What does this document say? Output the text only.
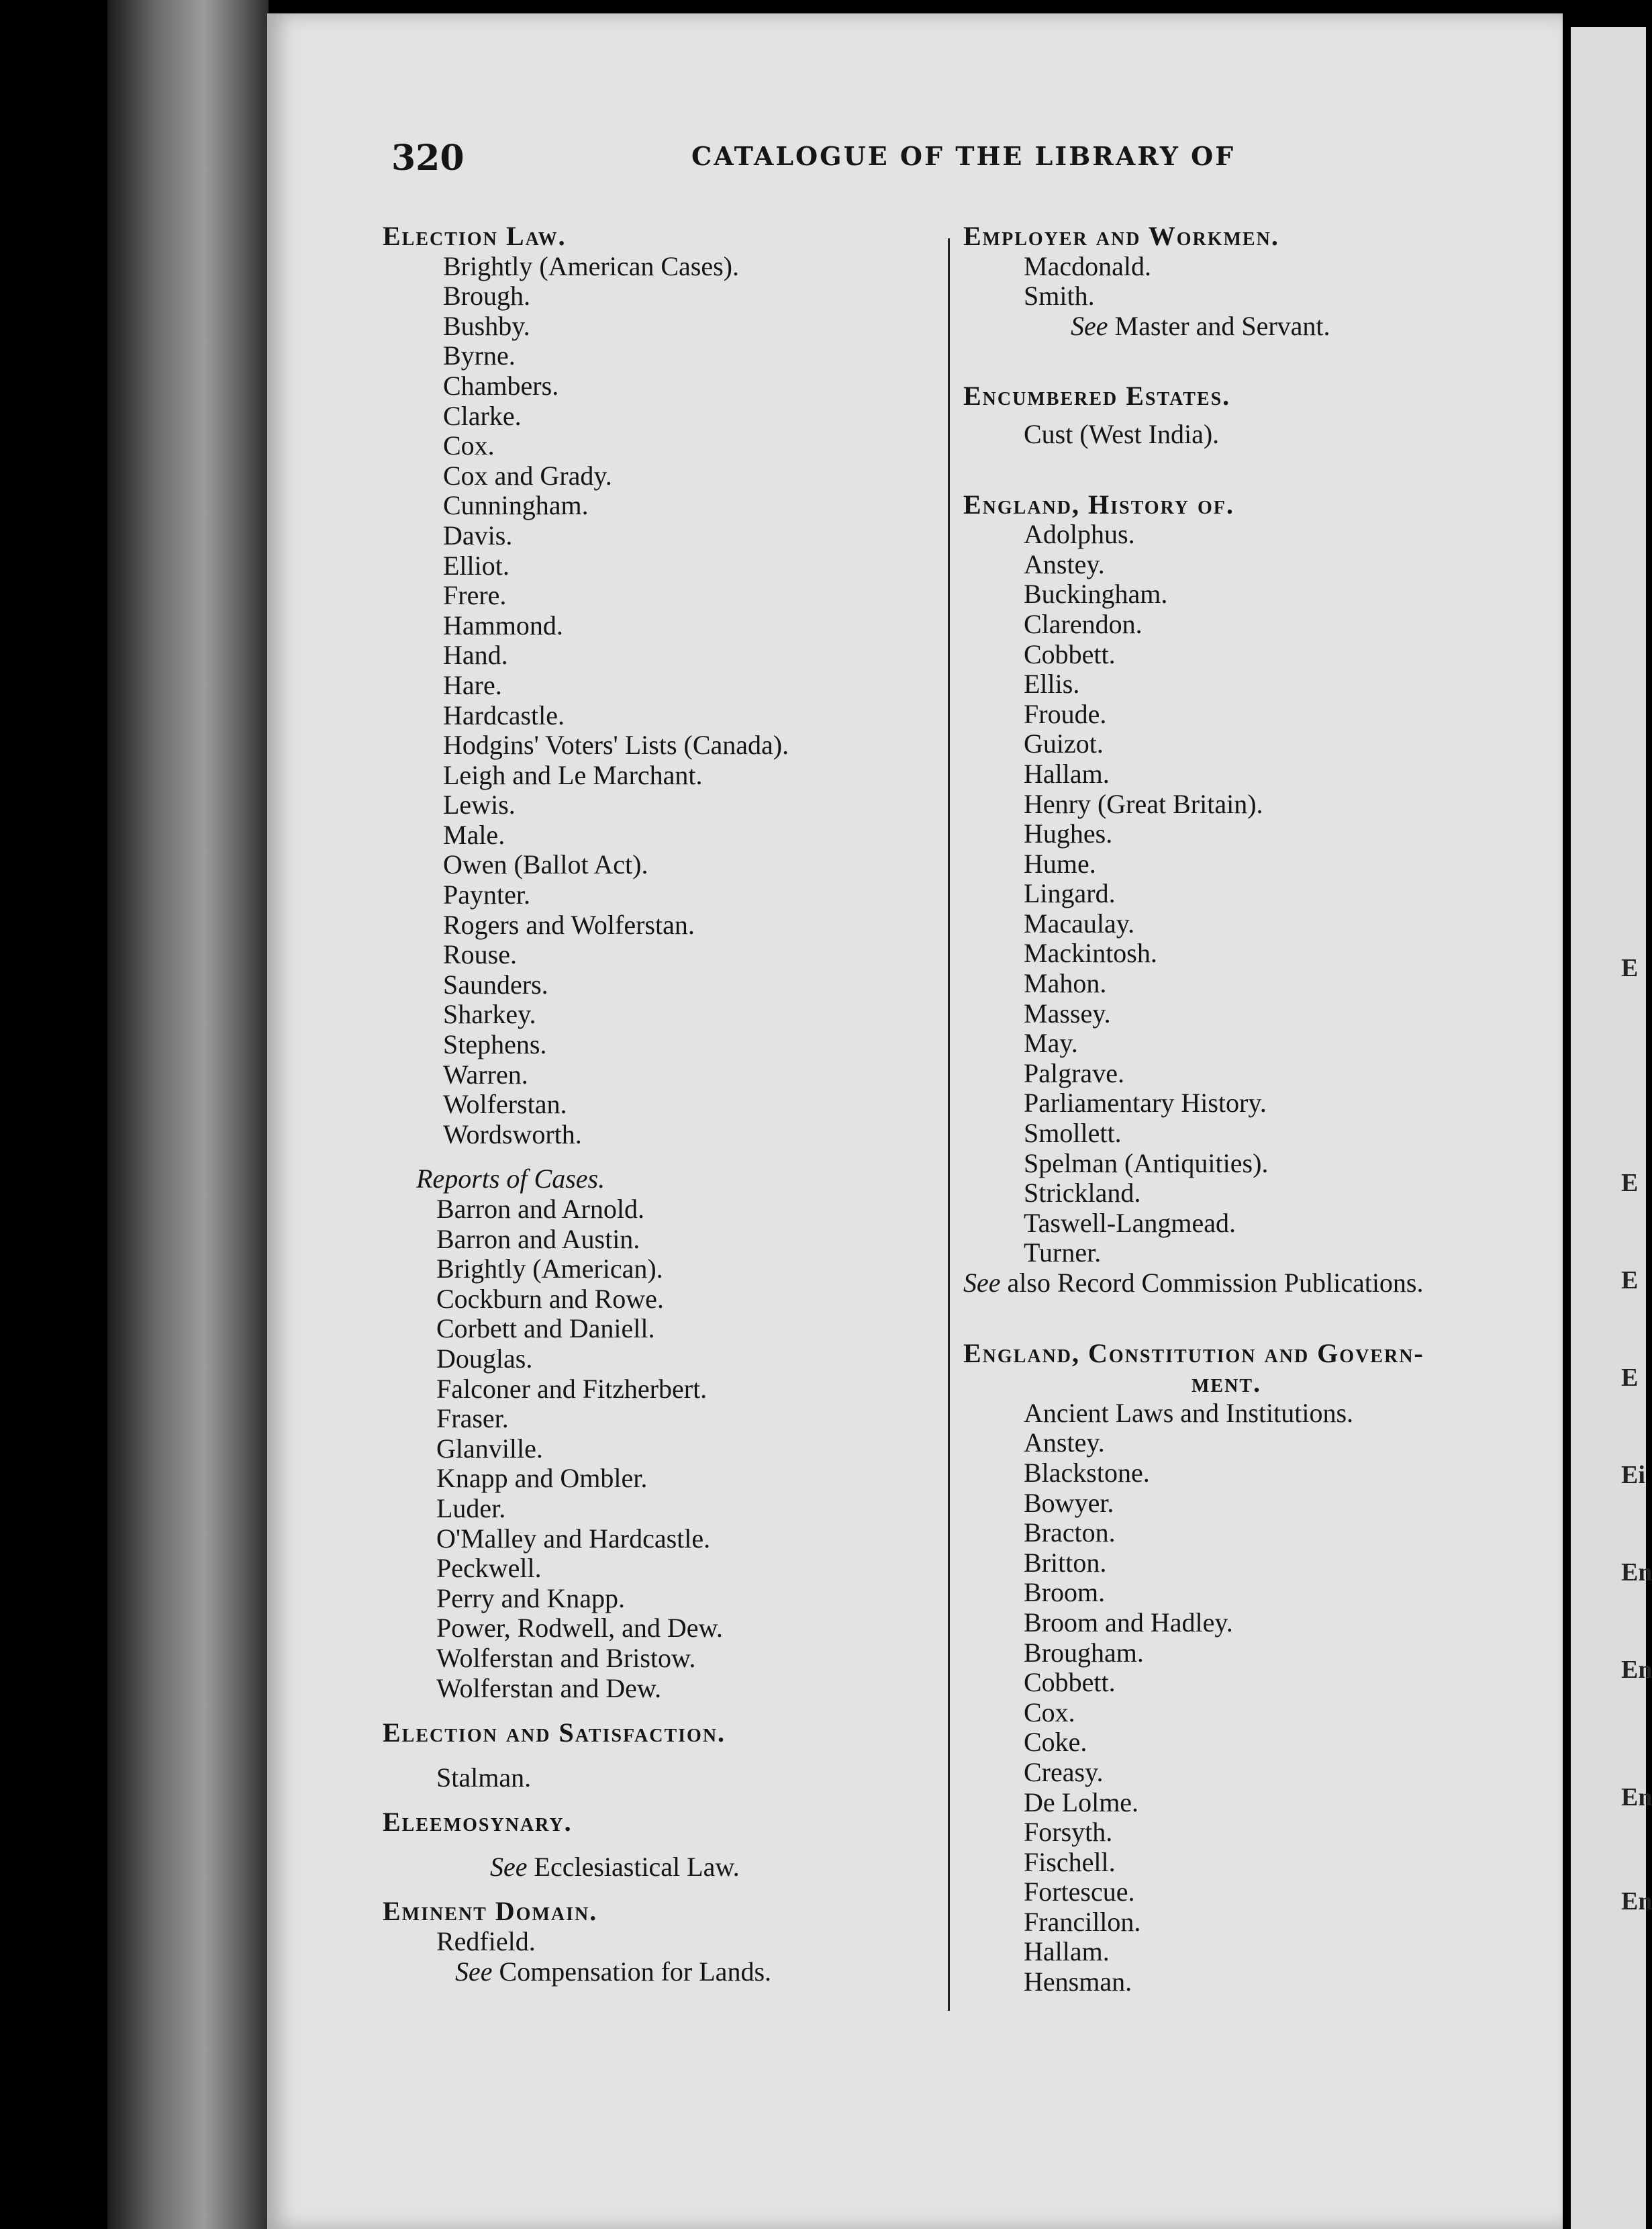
E
E
E
E
Ei
En
En
En
En
320	CATALOGUE OF THE LIBRARY OF
Election Law.
Brightly (American Cases).
Brough.
Bushby.
Byrne.
Chambers.
Clarke.
Cox.
Cox and Grady.
Cunningham.
Davis.
Elliot.
Frere.
Hammond.
Hand.
Hare.
Hardcastle.
Hodgins' Voters' Lists (Canada).
Leigh and Le Marchant.
Lewis.
Male.
Owen (Ballot Act).
Paynter.
Rogers and Wolferstan.
Rouse.
Saunders.
Sharkey.
Stephens.
Warren.
Wolferstan.
Wordsworth.
Reports of Cases.
Barron and Arnold.
Barron and Austin.
Brightly (American).
Cockburn and Rowe.
Corbett and Daniell.
Douglas.
Falconer and Fitzherbert.
Fraser.
Glanville.
Knapp and Ombler.
Luder.
O'Malley and Hardcastle.
Peckwell.
Perry and Knapp.
Power, Rodwell, and Dew.
Wolferstan and Bristow.
Wolferstan and Dew.
Election and Satisfaction.
Stalman.
Eleemosynary.
See Ecclesiastical Law.
Eminent Domain.
Redfield.
See Compensation for Lands.
Employer and Workmen.
Macdonald.
Smith.
See Master and Servant.
Encumbered Estates.
Cust (West India).
England, History of.
Adolphus.
Anstey.
Buckingham.
Clarendon.
Cobbett.
Ellis.
Froude.
Guizot.
Hallam.
Henry (Great Britain).
Hughes.
Hume.
Lingard.
Macaulay.
Mackintosh.
Mahon.
Massey.
May.
Palgrave.
Parliamentary History.
Smollett.
Spelman (Antiquities).
Strickland.
Taswell-Langmead.
Turner.
See also Record Commission Publications.
England, Constitution and Govern-
ment.
Ancient Laws and Institutions.
Anstey.
Blackstone.
Bowyer.
Bracton.
Britton.
Broom.
Broom and Hadley.
Brougham.
Cobbett.
Cox.
Coke.
Creasy.
De Lolme.
Forsyth.
Fischell.
Fortescue.
Francillon.
Hallam.
Hensman.
